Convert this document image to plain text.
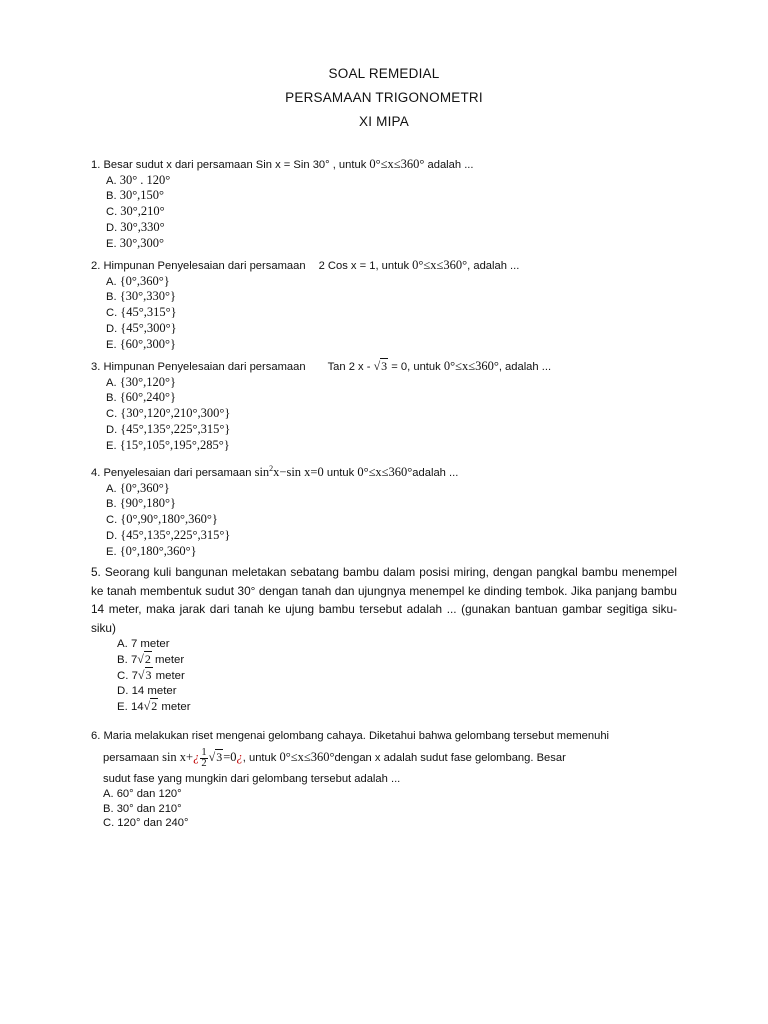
SOAL REMEDIAL
PERSAMAAN TRIGONOMETRI
XI MIPA
1. Besar sudut x dari persamaan Sin x = Sin 30° , untuk 0°≤x≤360° adalah ...
A. 30° . 120°
B. 30°,150°
C. 30°,210°
D. 30°,330°
E. 30°,300°
2. Himpunan Penyelesaian dari persamaan 2 Cos x = 1, untuk 0°≤x≤360°, adalah ...
A. {0°,360°}
B. {30°,330°}
C. {45°,315°}
D. {45°,300°}
E. {60°,300°}
3. Himpunan Penyelesaian dari persamaan Tan 2 x - √3 = 0, untuk 0°≤x≤360°, adalah ...
A. {30°,120°}
B. {60°,240°}
C. {30°,120°,210°,300°}
D. {45°,135°,225°,315°}
E. {15°,105°,195°,285°}
4. Penyelesaian dari persamaan $\sin^2x-\sin$ x=0 untuk 0°≤x≤360°adalah ...
A. {0°,360°}
B. {90°,180°}
C. {0°,90°,180°,360°}
D. {45°,135°,225°,315°}
E. {0°,180°,360°}
5. Seorang kuli bangunan meletakan sebatang bambu dalam posisi miring, dengan pangkal bambu menempel ke tanah membentuk sudut 30° dengan tanah dan ujungnya menempel ke dinding tembok. Jika panjang bambu 14 meter, maka jarak dari tanah ke ujung bambu tersebut adalah ... (gunakan bantuan gambar segitiga siku-siku)
A. 7 meter
B. 7√2 meter
C. 7√3 meter
D. 14 meter
E. 14√2 meter
6. Maria melakukan riset mengenai gelombang cahaya. Diketahui bahwa gelombang tersebut memenuhi
persamaan sin x+¿ $\frac{1}{2}$ √3=0¿, untuk 0°≤x≤360°dengan x adalah sudut fase gelombang. Besar
sudut fase yang mungkin dari gelombang tersebut adalah ...
A. 60° dan 120°
B. 30° dan 210°
C. 120° dan 240°
